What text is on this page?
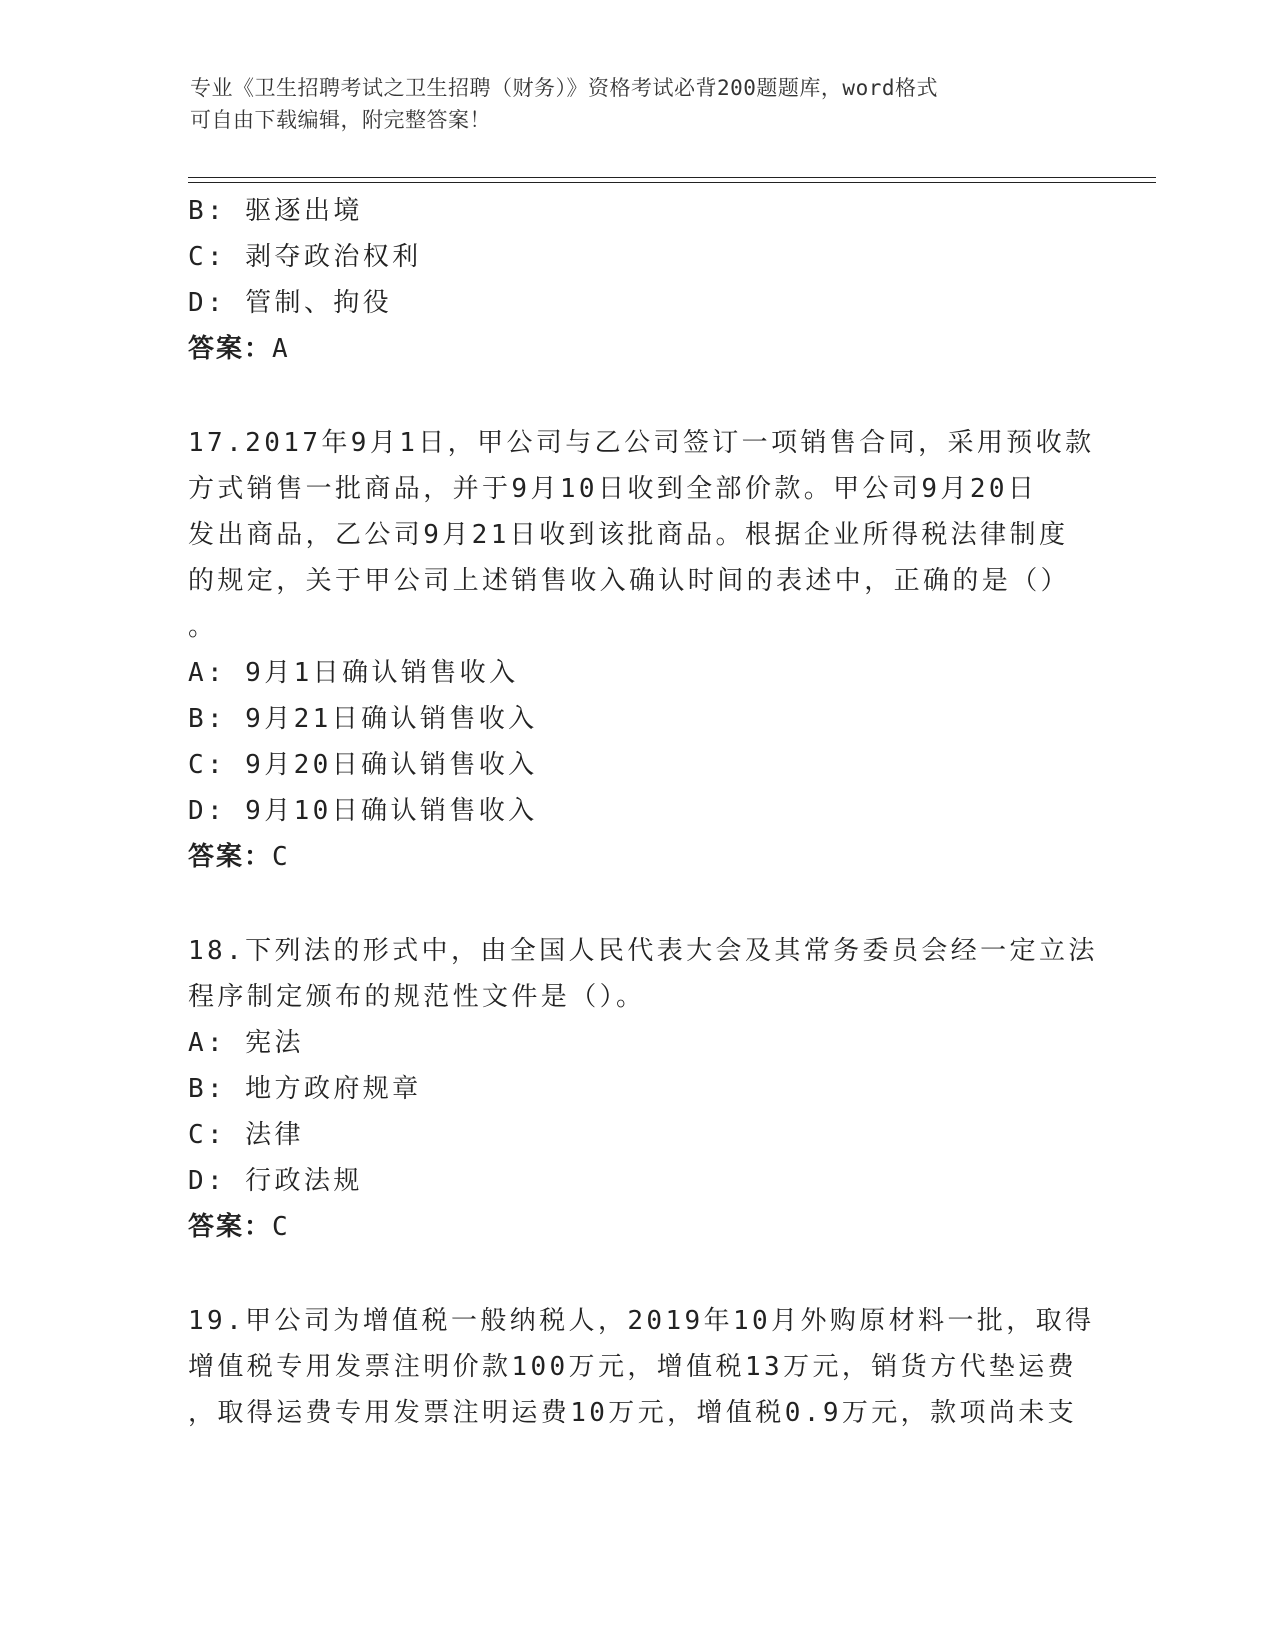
专业《卫生招聘考试之卫生招聘（财务）》资格考试必背200题题库，word格式
可自由下载编辑，附完整答案！
B: 驱逐出境
C: 剥夺政治权利
D: 管制、拘役
答案：A
17.2017年9月1日，甲公司与乙公司签订一项销售合同，采用预收款
方式销售一批商品，并于9月10日收到全部价款。甲公司9月20日
发出商品，乙公司9月21日收到该批商品。根据企业所得税法律制度
的规定，关于甲公司上述销售收入确认时间的表述中，正确的是（）
。
A: 9月1日确认销售收入
B: 9月21日确认销售收入
C: 9月20日确认销售收入
D: 9月10日确认销售收入
答案：C
18.下列法的形式中，由全国人民代表大会及其常务委员会经一定立法
程序制定颁布的规范性文件是（）。
A: 宪法
B: 地方政府规章
C: 法律
D: 行政法规
答案：C
19.甲公司为增值税一般纳税人，2019年10月外购原材料一批，取得
增值税专用发票注明价款100万元，增值税13万元，销货方代垫运费
，取得运费专用发票注明运费10万元，增值税0.9万元，款项尚未支
